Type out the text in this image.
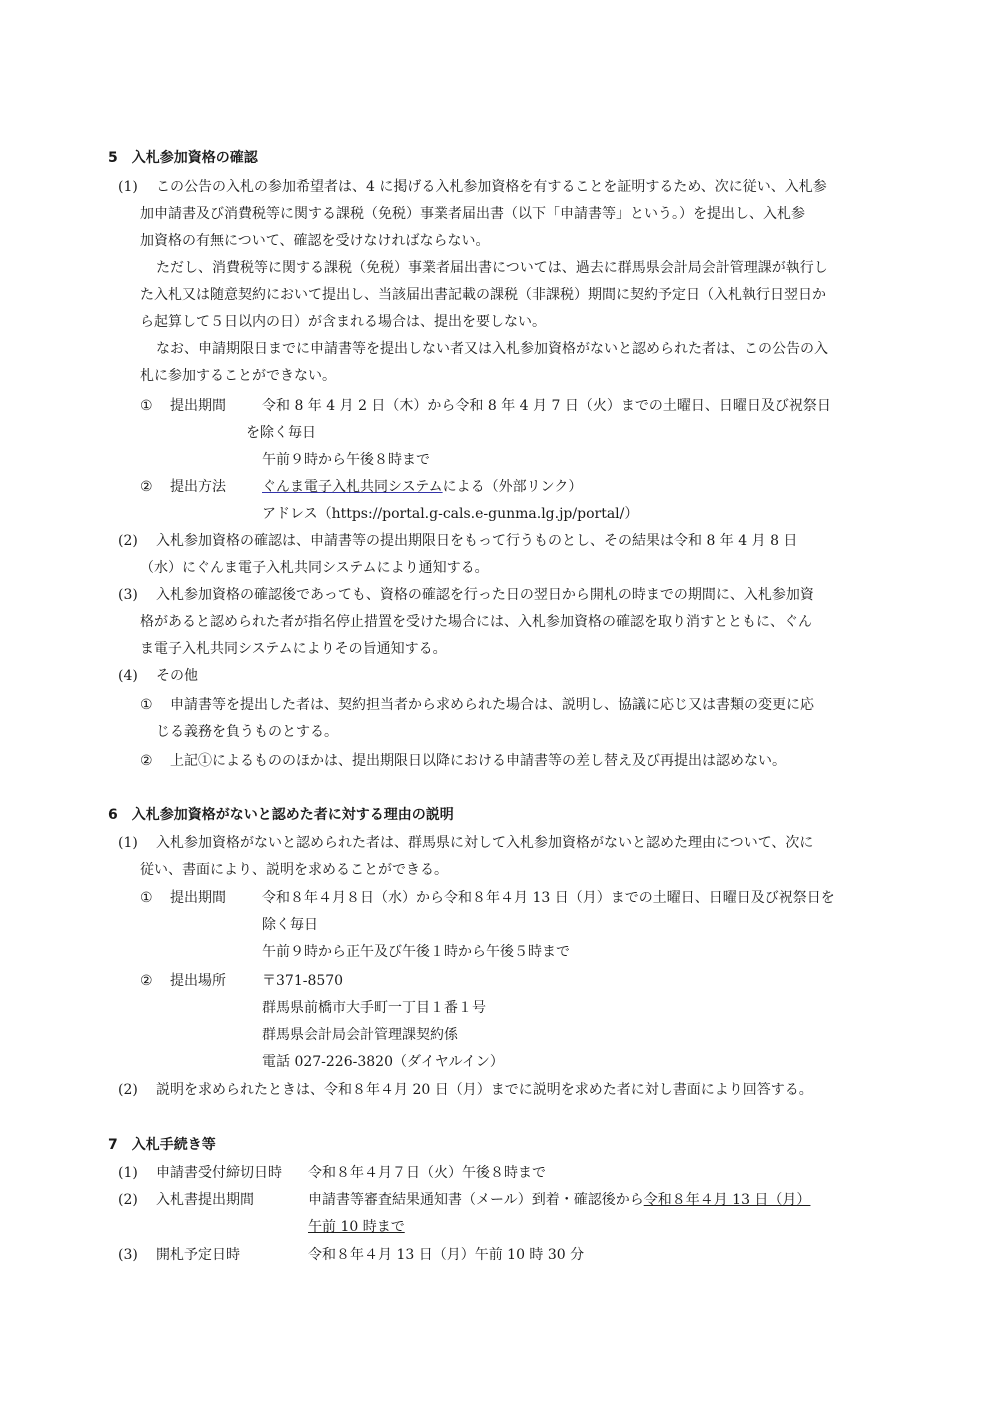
5　入札参加資格の確認
(1) この公告の入札の参加希望者は、4 に掲げる入札参加資格を有することを証明するため、次に従い、入札参
加申請書及び消費税等に関する課税（免税）事業者届出書（以下「申請書等」という。）を提出し、入札参
加資格の有無について、確認を受けなければならない。
ただし、消費税等に関する課税（免税）事業者届出書については、過去に群馬県会計局会計管理課が執行し
た入札又は随意契約において提出し、当該届出書記載の課税（非課税）期間に契約予定日（入札執行日翌日か
ら起算して５日以内の日）が含まれる場合は、提出を要しない。
なお、申請期限日までに申請書等を提出しない者又は入札参加資格がないと認められた者は、この公告の入
札に参加することができない。
① 提出期間	令和 8 年 4 月 2 日（木）から令和 8 年 4 月 7 日（火）までの土曜日、日曜日及び祝祭日
を除く毎日
午前９時から午後８時まで
② 提出方法	ぐんま電子入札共同システムによる（外部リンク）
アドレス（https://portal.g-cals.e-gunma.lg.jp/portal/）
(2) 入札参加資格の確認は、申請書等の提出期限日をもって行うものとし、その結果は令和 8 年 4 月 8 日
（水）にぐんま電子入札共同システムにより通知する。
(3) 入札参加資格の確認後であっても、資格の確認を行った日の翌日から開札の時までの期間に、入札参加資
格があると認められた者が指名停止措置を受けた場合には、入札参加資格の確認を取り消すとともに、ぐん
ま電子入札共同システムによりその旨通知する。
(4) その他
① 申請書等を提出した者は、契約担当者から求められた場合は、説明し、協議に応じ又は書類の変更に応
じる義務を負うものとする。
② 上記①によるもののほかは、提出期限日以降における申請書等の差し替え及び再提出は認めない。
6　入札参加資格がないと認めた者に対する理由の説明
(1) 入札参加資格がないと認められた者は、群馬県に対して入札参加資格がないと認めた理由について、次に
従い、書面により、説明を求めることができる。
① 提出期間	令和８年４月８日（水）から令和８年４月 13 日（月）までの土曜日、日曜日及び祝祭日を
除く毎日
午前９時から正午及び午後１時から午後５時まで
② 提出場所	〒371-8570
群馬県前橋市大手町一丁目１番１号
群馬県会計局会計管理課契約係
電話 027-226-3820（ダイヤルイン）
(2) 説明を求められたときは、令和８年４月 20 日（月）までに説明を求めた者に対し書面により回答する。
7　入札手続き等
(1) 申請書受付締切日時 令和８年４月７日（火）午後８時まで
(2) 入札書提出期間	申請書等審査結果通知書（メール）到着・確認後から令和８年４月 13 日（月）
午前 10 時まで
(3) 開札予定日時	令和８年４月 13 日（月）午前 10 時 30 分
